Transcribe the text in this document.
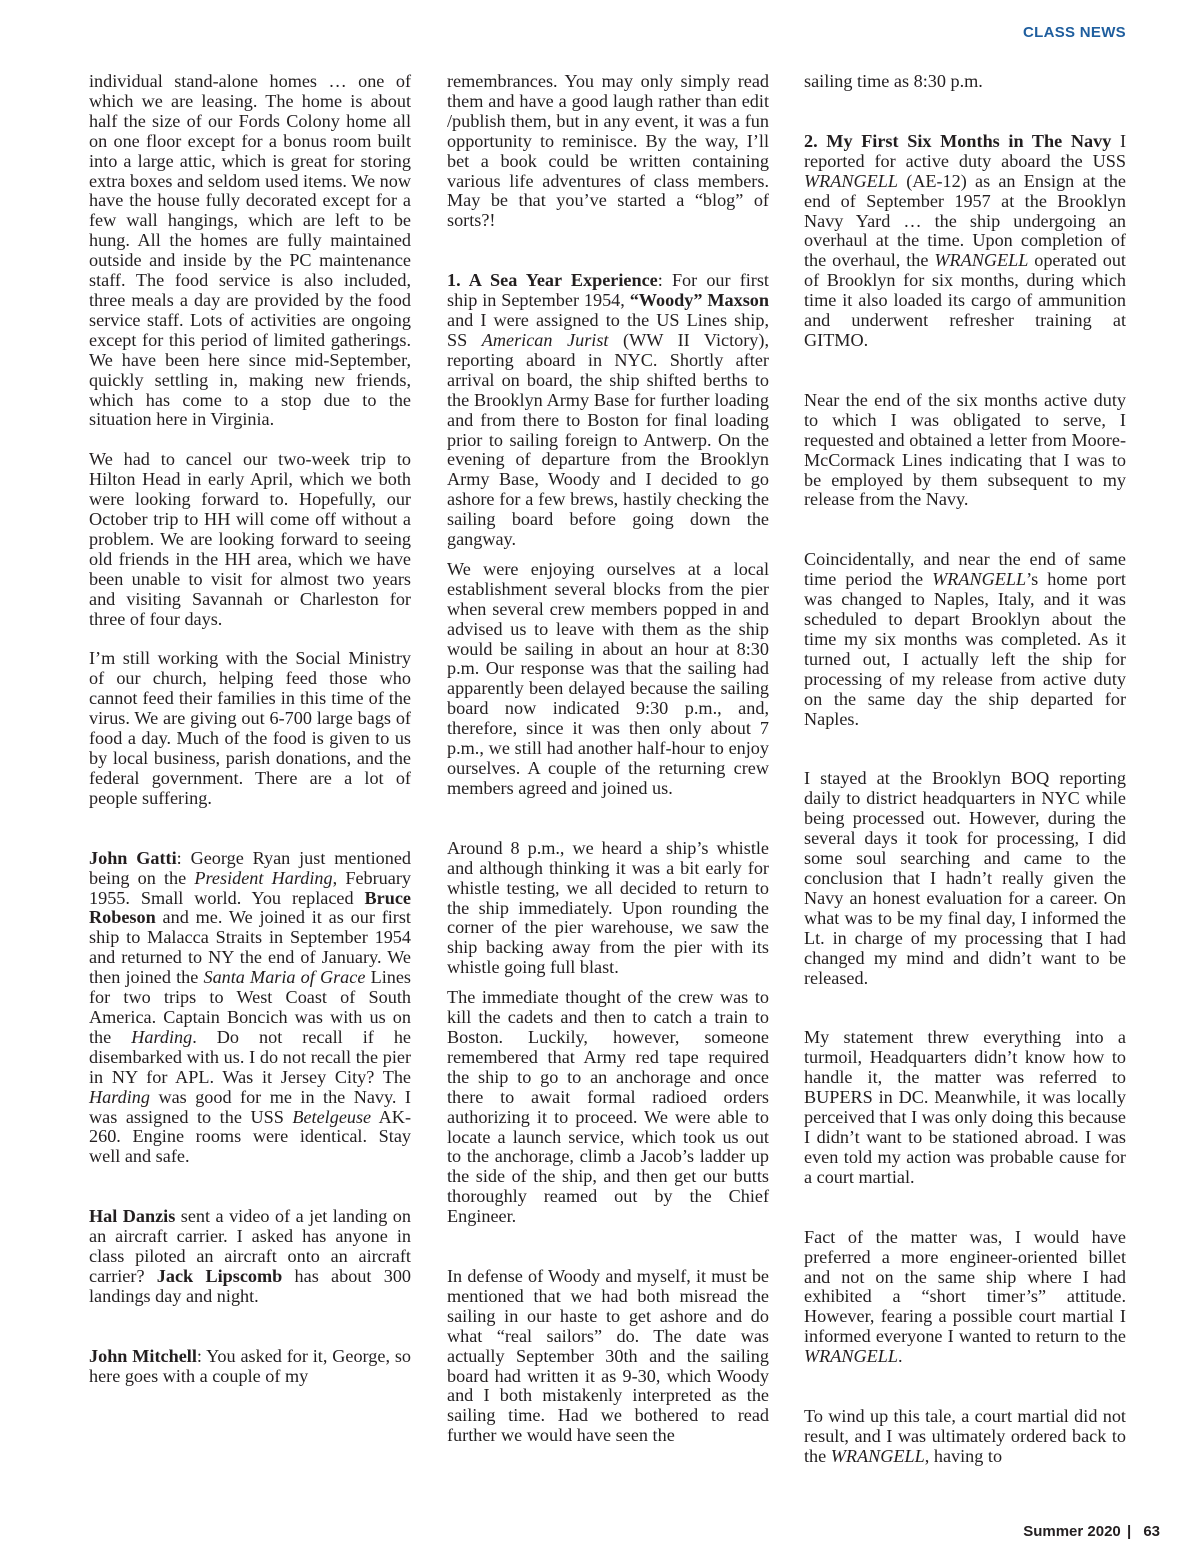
CLASS NEWS

individual stand-alone homes … one of which we are leasing. The home is about half the size of our Fords Colony home all on one floor except for a bonus room built into a large attic, which is great for storing extra boxes and seldom used items. We now have the house fully decorated except for a few wall hangings, which are left to be hung. All the homes are fully maintained outside and inside by the PC maintenance staff. The food service is also included, three meals a day are provided by the food service staff. Lots of activities are ongoing except for this period of limited gatherings. We have been here since mid-September, quickly settling in, making new friends, which has come to a stop due to the situation here in Virginia.

We had to cancel our two-week trip to Hilton Head in early April, which we both were looking forward to. Hopefully, our October trip to HH will come off without a problem. We are looking forward to seeing old friends in the HH area, which we have been unable to visit for almost two years and visiting Savannah or Charleston for three of four days.

I’m still working with the Social Ministry of our church, helping feed those who cannot feed their families in this time of the virus. We are giving out 6-700 large bags of food a day. Much of the food is given to us by local business, parish donations, and the federal government. There are a lot of people suffering.

John Gatti: George Ryan just mentioned being on the President Harding, February 1955. Small world. You replaced Bruce Robeson and me. We joined it as our first ship to Malacca Straits in September 1954 and returned to NY the end of January. We then joined the Santa Maria of Grace Lines for two trips to West Coast of South America. Captain Boncich was with us on the Harding. Do not recall if he disembarked with us. I do not recall the pier in NY for APL. Was it Jersey City? The Harding was good for me in the Navy. I was assigned to the USS Betelgeuse AK-260. Engine rooms were identical. Stay well and safe.

Hal Danzis sent a video of a jet landing on an aircraft carrier. I asked has anyone in class piloted an aircraft onto an aircraft carrier? Jack Lipscomb has about 300 landings day and night.

John Mitchell: You asked for it, George, so here goes with a couple of my

remembrances. You may only simply read them and have a good laugh rather than edit /publish them, but in any event, it was a fun opportunity to reminisce. By the way, I’ll bet a book could be written containing various life adventures of class members. May be that you’ve started a “blog” of sorts?!

1. A Sea Year Experience: For our first ship in September 1954, “Woody” Maxson and I were assigned to the US Lines ship, SS American Jurist (WW II Victory), reporting aboard in NYC. Shortly after arrival on board, the ship shifted berths to the Brooklyn Army Base for further loading and from there to Boston for final loading prior to sailing foreign to Antwerp. On the evening of departure from the Brooklyn Army Base, Woody and I decided to go ashore for a few brews, hastily checking the sailing board before going down the gangway.

We were enjoying ourselves at a local establishment several blocks from the pier when several crew members popped in and advised us to leave with them as the ship would be sailing in about an hour at 8:30 p.m. Our response was that the sailing had apparently been delayed because the sailing board now indicated 9:30 p.m., and, therefore, since it was then only about 7 p.m., we still had another half-hour to enjoy ourselves. A couple of the returning crew members agreed and joined us.

Around 8 p.m., we heard a ship’s whistle and although thinking it was a bit early for whistle testing, we all decided to return to the ship immediately. Upon rounding the corner of the pier warehouse, we saw the ship backing away from the pier with its whistle going full blast.

The immediate thought of the crew was to kill the cadets and then to catch a train to Boston. Luckily, however, someone remembered that Army red tape required the ship to go to an anchorage and once there to await formal radioed orders authorizing it to proceed. We were able to locate a launch service, which took us out to the anchorage, climb a Jacob’s ladder up the side of the ship, and then get our butts thoroughly reamed out by the Chief Engineer.

In defense of Woody and myself, it must be mentioned that we had both misread the sailing in our haste to get ashore and do what “real sailors” do. The date was actually September 30th and the sailing board had written it as 9-30, which Woody and I both mistakenly interpreted as the sailing time. Had we bothered to read further we would have seen the

sailing time as 8:30 p.m.

2. My First Six Months in The Navy I reported for active duty aboard the USS WRANGELL (AE-12) as an Ensign at the end of September 1957 at the Brooklyn Navy Yard … the ship undergoing an overhaul at the time. Upon completion of the overhaul, the WRANGELL operated out of Brooklyn for six months, during which time it also loaded its cargo of ammunition and underwent refresher training at GITMO.

Near the end of the six months active duty to which I was obligated to serve, I requested and obtained a letter from Moore-McCormack Lines indicating that I was to be employed by them subsequent to my release from the Navy.

Coincidentally, and near the end of same time period the WRANGELL’s home port was changed to Naples, Italy, and it was scheduled to depart Brooklyn about the time my six months was completed. As it turned out, I actually left the ship for processing of my release from active duty on the same day the ship departed for Naples.

I stayed at the Brooklyn BOQ reporting daily to district headquarters in NYC while being processed out. However, during the several days it took for processing, I did some soul searching and came to the conclusion that I hadn’t really given the Navy an honest evaluation for a career. On what was to be my final day, I informed the Lt. in charge of my processing that I had changed my mind and didn’t want to be released.

My statement threw everything into a turmoil, Headquarters didn’t know how to handle it, the matter was referred to BUPERS in DC. Meanwhile, it was locally perceived that I was only doing this because I didn’t want to be stationed abroad. I was even told my action was probable cause for a court martial.

Fact of the matter was, I would have preferred a more engineer-oriented billet and not on the same ship where I had exhibited a “short timer’s” attitude. However, fearing a possible court martial I informed everyone I wanted to return to the WRANGELL.

To wind up this tale, a court martial did not result, and I was ultimately ordered back to the WRANGELL, having to

Summer 2020 | 63
